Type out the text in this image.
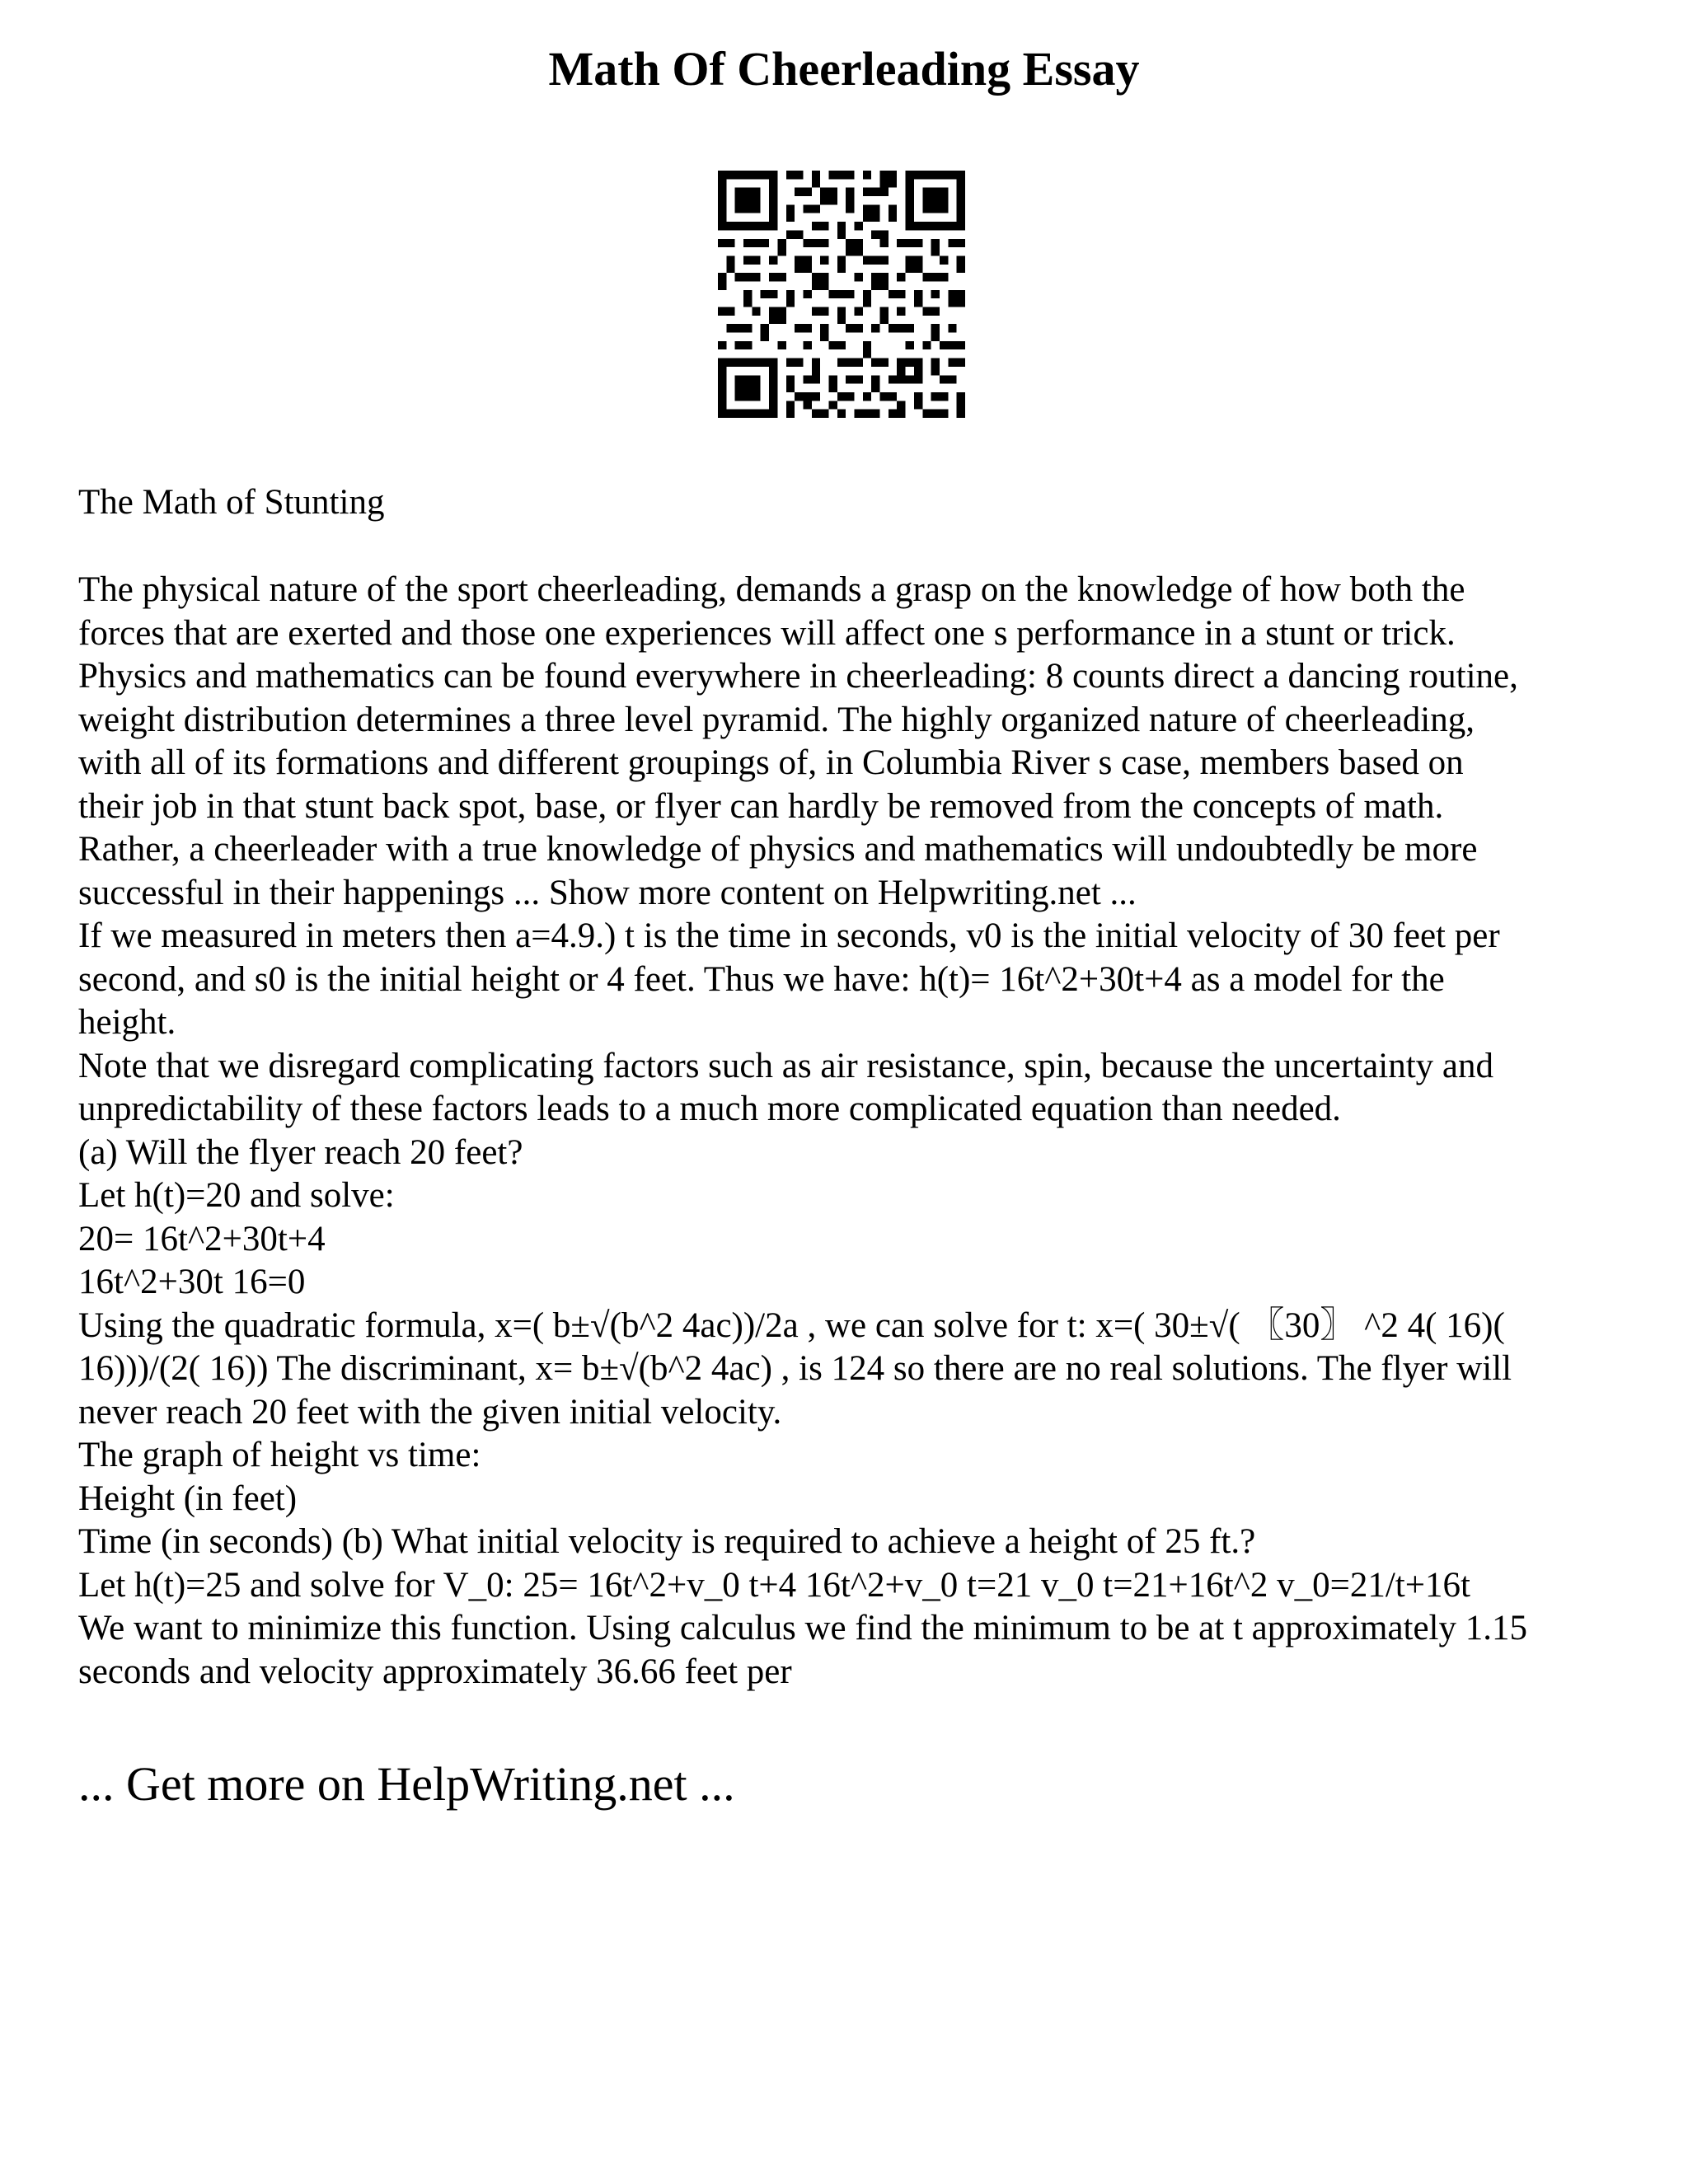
Math Of Cheerleading Essay

The Math of Stunting

The physical nature of the sport cheerleading, demands a grasp on the knowledge of how both the
forces that are exerted and those one experiences will affect one s performance in a stunt or trick.
Physics and mathematics can be found everywhere in cheerleading: 8 counts direct a dancing routine,
weight distribution determines a three level pyramid. The highly organized nature of cheerleading,
with all of its formations and different groupings of, in Columbia River s case, members based on
their job in that stunt back spot, base, or flyer can hardly be removed from the concepts of math.
Rather, a cheerleader with a true knowledge of physics and mathematics will undoubtedly be more
successful in their happenings ... Show more content on Helpwriting.net ...
If we measured in meters then a=4.9.) t is the time in seconds, v0 is the initial velocity of 30 feet per
second, and s0 is the initial height or 4 feet. Thus we have: h(t)= 16t^2+30t+4 as a model for the
height.
Note that we disregard complicating factors such as air resistance, spin, because the uncertainty and
unpredictability of these factors leads to a much more complicated equation than needed.
(a) Will the flyer reach 20 feet?
Let h(t)=20 and solve:
20= 16t^2+30t+4
16t^2+30t 16=0
Using the quadratic formula, x=( b±√(b^2 4ac))/2a , we can solve for t: x=( 30±√( 〖30〗 ^2 4( 16)(
16)))/(2( 16)) The discriminant, x= b±√(b^2 4ac) , is 124 so there are no real solutions. The flyer will
never reach 20 feet with the given initial velocity.
The graph of height vs time:
Height (in feet)
Time (in seconds) (b) What initial velocity is required to achieve a height of 25 ft.?
Let h(t)=25 and solve for V_0: 25= 16t^2+v_0 t+4 16t^2+v_0 t=21 v_0 t=21+16t^2 v_0=21/t+16t
We want to minimize this function. Using calculus we find the minimum to be at t approximately 1.15
seconds and velocity approximately 36.66 feet per

... Get more on HelpWriting.net ...
